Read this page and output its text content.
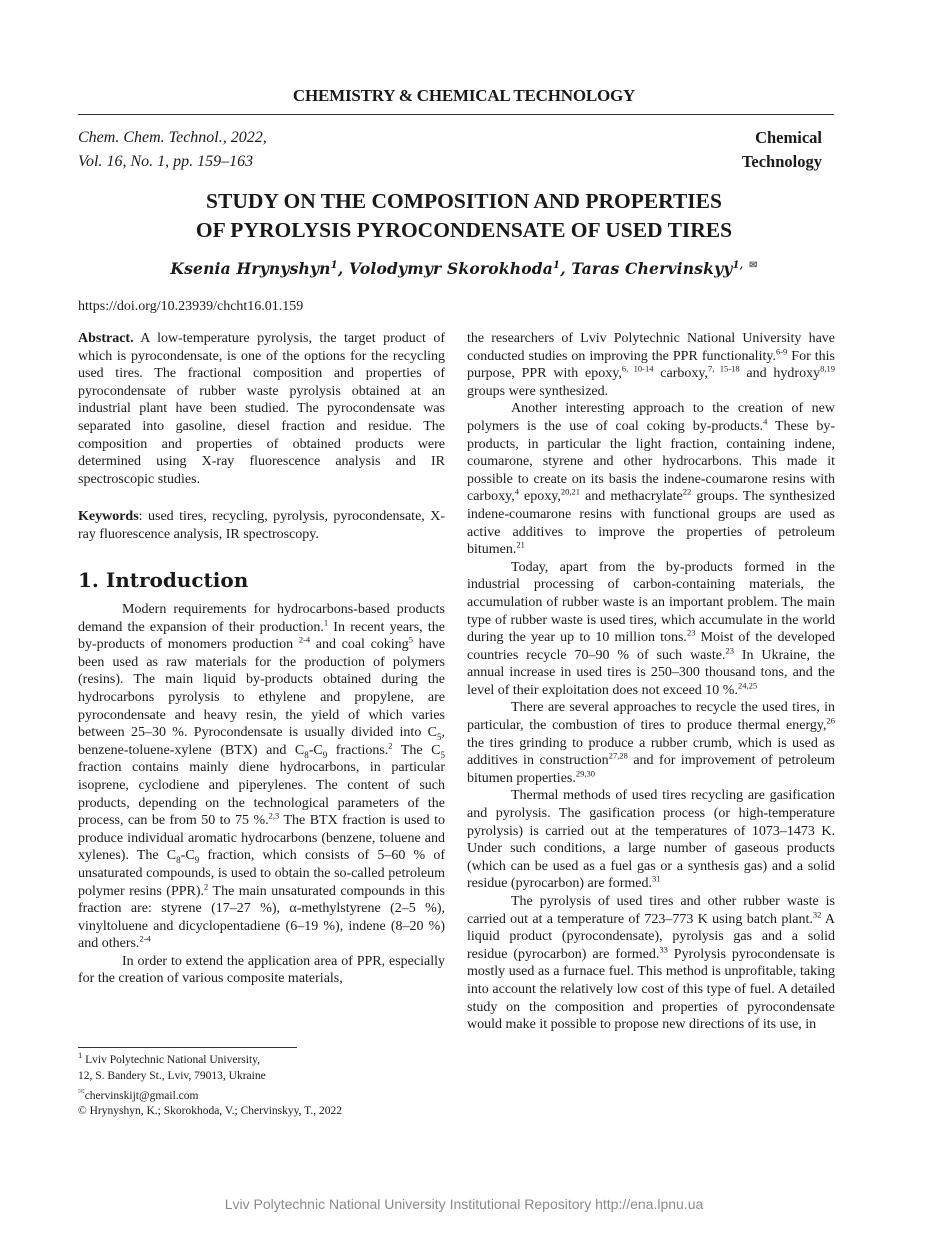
CHEMISTRY & CHEMICAL TECHNOLOGY
Chem. Chem. Technol., 2022,
Vol. 16, No. 1, pp. 159–163
Chemical
Technology
STUDY ON THE COMPOSITION AND PROPERTIES
OF PYROLYSIS PYROCONDENSATE OF USED TIRES
Ksenia Hrynyshyn$^1$, Volodymyr Skorokhoda$^1$, Taras Chervinskyy$^{1,}$ ✉
https://doi.org/10.23939/chcht16.01.159

Abstract. A low-temperature pyrolysis, the target product of which is pyrocondensate, is one of the options for the recycling used tires. The fractional composition and properties of pyrocondensate of rubber waste pyrolysis obtained at an industrial plant have been studied. The pyrocondensate was separated into gasoline, diesel fraction and residue. The composition and properties of obtained products were determined using X-ray fluorescence analysis and IR spectroscopic studies.

Keywords: used tires, recycling, pyrolysis, pyrocondensate, X-ray fluorescence analysis, IR spectroscopy.

1. Introduction

Modern requirements for hydrocarbons-based products demand the expansion of their production.$^1$ In recent years, the by-products of monomers production $^{2-4}$ and coal coking$^5$ have been used as raw materials for the production of polymers (resins). The main liquid by-products obtained during the hydrocarbons pyrolysis to ethylene and propylene, are pyrocondensate and heavy resin, the yield of which varies between 25–30 %. Pyrocondensate is usually divided into $C_5$, benzene-toluene-xylene (BTX) and $C_8-C_9$ fractions.$^2$ The $C_5$ fraction contains mainly diene hydrocarbons, in particular isoprene, cyclodiene and piperylenes. The content of such products, depending on the technological parameters of the process, can be from 50 to 75 %.$^{2,3}$ The BTX fraction is used to produce individual aromatic hydrocarbons (benzene, toluene and xylenes). The $C_8-C_9$ fraction, which consists of 5–60 % of unsaturated compounds, is used to obtain the so-called petroleum polymer resins (PPR).$^2$ The main unsaturated compounds in this fraction are: styrene (17–27 %), α-methylstyrene (2–5 %), vinyltoluene and dicyclopentadiene (6–19 %), indene (8–20 %) and others.$^{2-4}$

In order to extend the application area of PPR, especially for the creation of various composite materials,

$^1$ Lviv Polytechnic National University,
12, S. Bandery St., Lviv, 79013, Ukraine
✉chervinskijt@gmail.com
© Hrynyshyn, K.; Skorokhoda, V.; Chervinskyy, T., 2022

the researchers of Lviv Polytechnic National University have conducted studies on improving the PPR functionality.$^{6-9}$ For this purpose, PPR with epoxy,$^{6, 10-14}$ carboxy,$^{7, 15-18}$ and hydroxy$^{8,19}$ groups were synthesized.

Another interesting approach to the creation of new polymers is the use of coal coking by-products.$^4$ These by-products, in particular the light fraction, containing indene, coumarone, styrene and other hydrocarbons. This made it possible to create on its basis the indene-coumarone resins with carboxy,$^4$ epoxy,$^{20,21}$ and methacrylate$^{22}$ groups. The synthesized indene-coumarone resins with functional groups are used as active additives to improve the properties of petroleum bitumen.$^{21}$

Today, apart from the by-products formed in the industrial processing of carbon-containing materials, the accumulation of rubber waste is an important problem. The main type of rubber waste is used tires, which accumulate in the world during the year up to 10 million tons.$^{23}$ Moist of the developed countries recycle 70–90 % of such waste.$^{23}$ In Ukraine, the annual increase in used tires is 250–300 thousand tons, and the level of their exploitation does not exceed 10 %.$^{24,25}$

There are several approaches to recycle the used tires, in particular, the combustion of tires to produce thermal energy,$^{26}$ the tires grinding to produce a rubber crumb, which is used as additives in construction$^{27,28}$ and for improvement of petroleum bitumen properties.$^{29,30}$

Thermal methods of used tires recycling are gasification and pyrolysis. The gasification process (or high-temperature pyrolysis) is carried out at the temperatures of 1073–1473 K. Under such conditions, a large number of gaseous products (which can be used as a fuel gas or a synthesis gas) and a solid residue (pyrocarbon) are formed.$^{31}$

The pyrolysis of used tires and other rubber waste is carried out at a temperature of 723–773 K using batch plant.$^{32}$ A liquid product (pyrocondensate), pyrolysis gas and a solid residue (pyrocarbon) are formed.$^{33}$ Pyrolysis pyrocondensate is mostly used as a furnace fuel. This method is unprofitable, taking into account the relatively low cost of this type of fuel. A detailed study on the composition and properties of pyrocondensate would make it possible to propose new directions of its use, in

Lviv Polytechnic National University Institutional Repository http://ena.lpnu.ua
